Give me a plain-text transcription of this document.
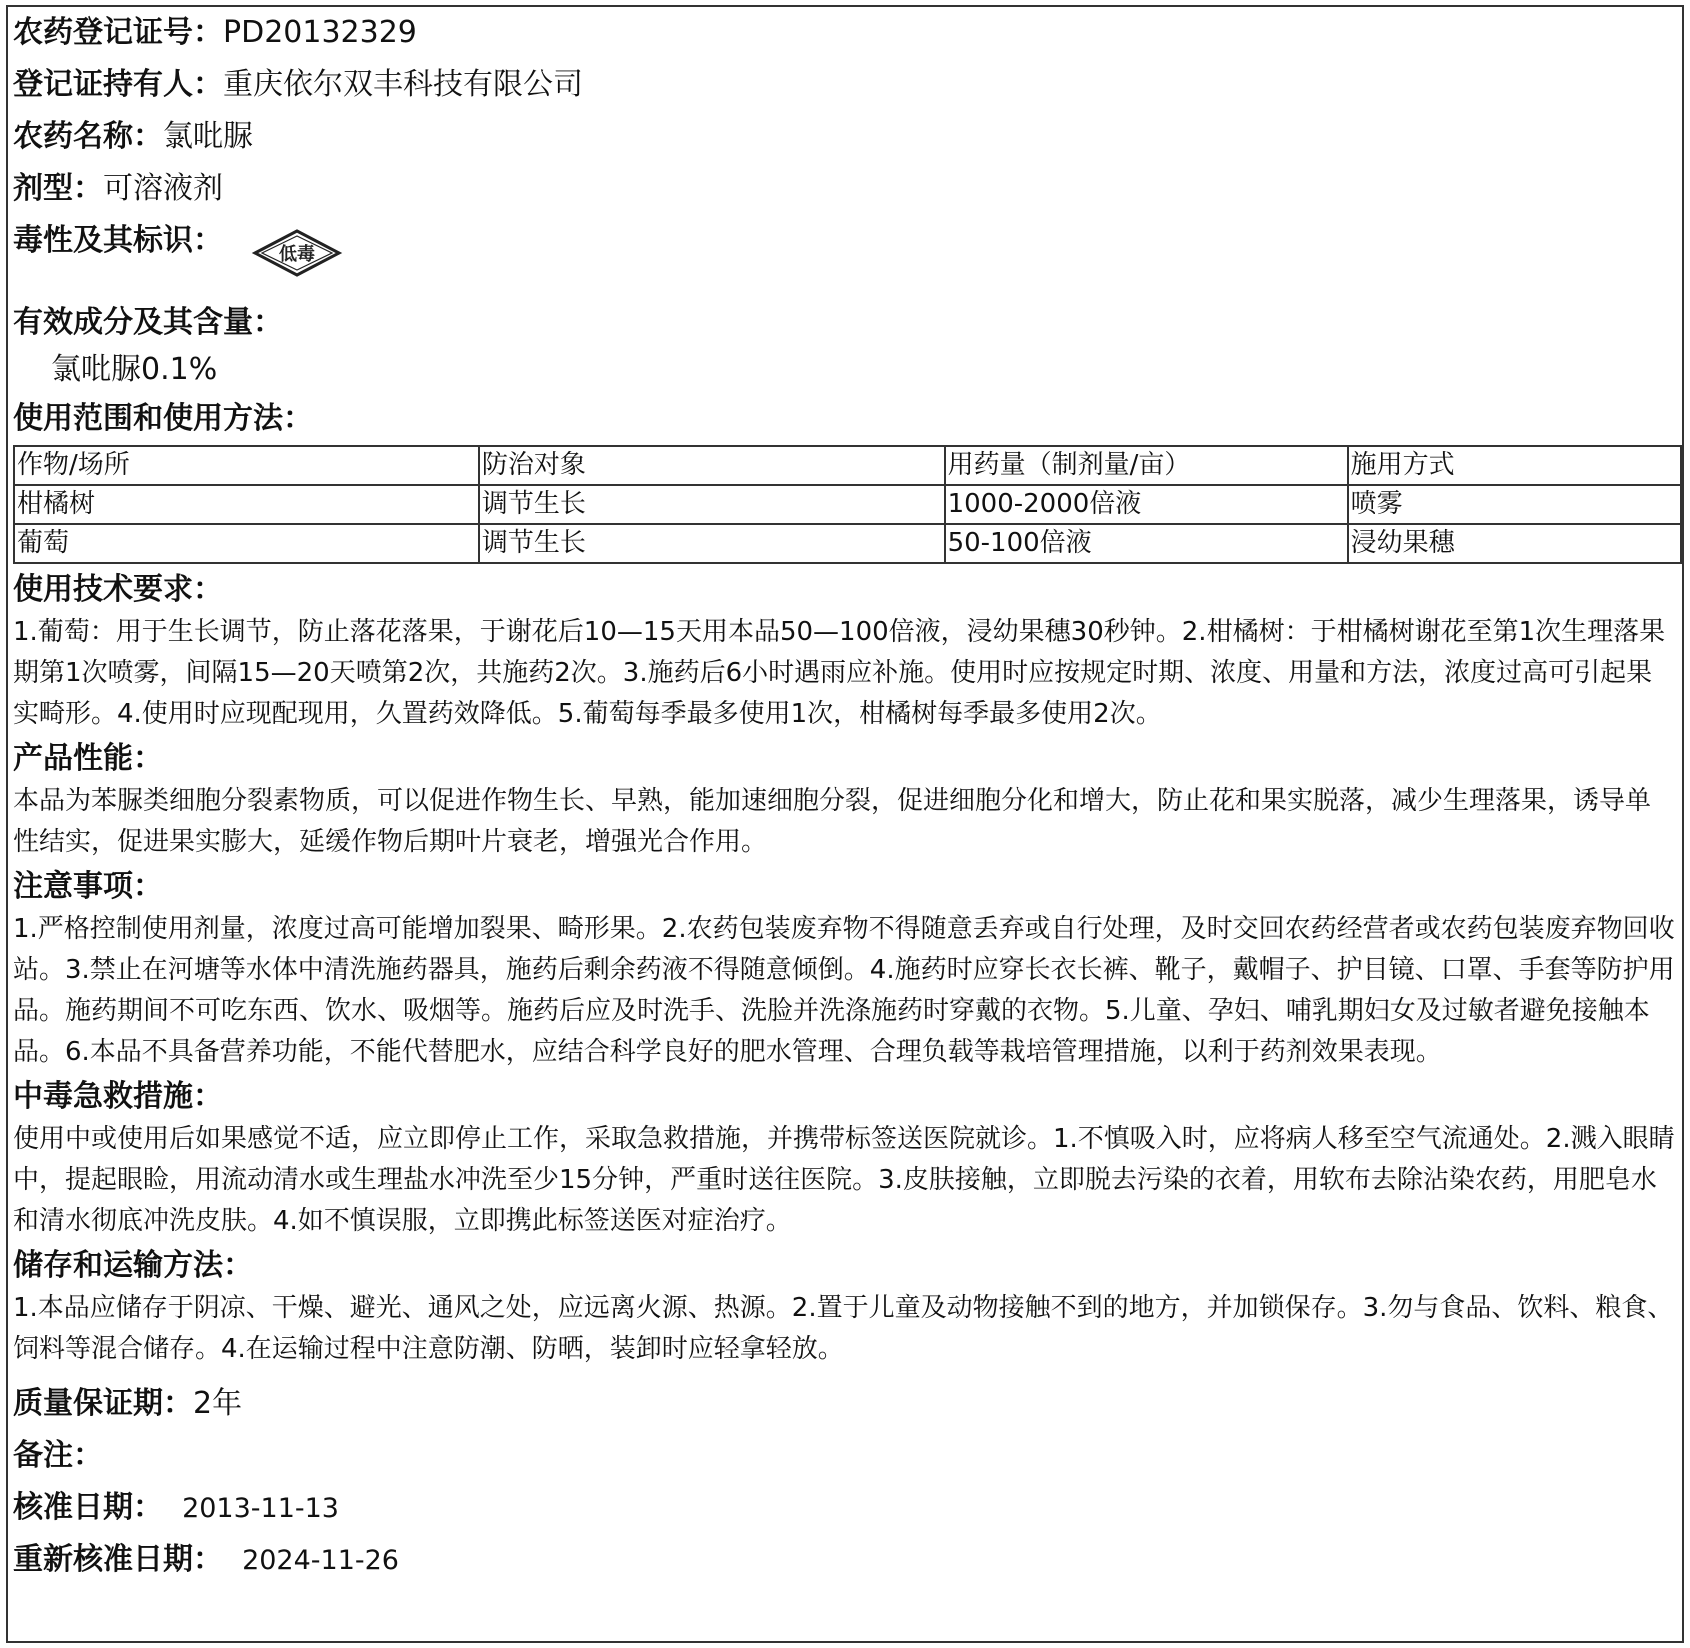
农药登记证号：PD20132329
登记证持有人：重庆依尔双丰科技有限公司
农药名称：氯吡脲
剂型：可溶液剂
毒性及其标识：	低毒
有效成分及其含量：
氯吡脲0.1%
使用范围和使用方法：
作物/场所	防治对象	用药量（制剂量/亩）	施用方式
柑橘树	调节生长	1000-2000倍液	喷雾
葡萄	调节生长	50-100倍液	浸幼果穗
使用技术要求：
1.葡萄：用于生长调节，防止落花落果，于谢花后10—15天用本品50—100倍液，浸幼果穗30秒钟。2.柑橘树：于柑橘树谢花至第1次生理落果期第1次喷雾，间隔15—20天喷第2次，共施药2次。3.施药后6小时遇雨应补施。使用时应按规定时期、浓度、用量和方法，浓度过高可引起果实畸形。4.使用时应现配现用，久置药效降低。5.葡萄每季最多使用1次，柑橘树每季最多使用2次。
产品性能：
本品为苯脲类细胞分裂素物质，可以促进作物生长、早熟，能加速细胞分裂，促进细胞分化和增大，防止花和果实脱落，减少生理落果，诱导单性结实，促进果实膨大，延缓作物后期叶片衰老，增强光合作用。
注意事项：
1.严格控制使用剂量，浓度过高可能增加裂果、畸形果。2.农药包装废弃物不得随意丢弃或自行处理，及时交回农药经营者或农药包装废弃物回收站。3.禁止在河塘等水体中清洗施药器具，施药后剩余药液不得随意倾倒。4.施药时应穿长衣长裤、靴子，戴帽子、护目镜、口罩、手套等防护用品。施药期间不可吃东西、饮水、吸烟等。施药后应及时洗手、洗脸并洗涤施药时穿戴的衣物。5.儿童、孕妇、哺乳期妇女及过敏者避免接触本品。6.本品不具备营养功能，不能代替肥水，应结合科学良好的肥水管理、合理负载等栽培管理措施，以利于药剂效果表现。
中毒急救措施：
使用中或使用后如果感觉不适，应立即停止工作，采取急救措施，并携带标签送医院就诊。1.不慎吸入时，应将病人移至空气流通处。2.溅入眼睛中，提起眼睑，用流动清水或生理盐水冲洗至少15分钟，严重时送往医院。3.皮肤接触，立即脱去污染的衣着，用软布去除沾染农药，用肥皂水和清水彻底冲洗皮肤。4.如不慎误服，立即携此标签送医对症治疗。
储存和运输方法：
1.本品应储存于阴凉、干燥、避光、通风之处，应远离火源、热源。2.置于儿童及动物接触不到的地方，并加锁保存。3.勿与食品、饮料、粮食、饲料等混合储存。4.在运输过程中注意防潮、防晒，装卸时应轻拿轻放。
质量保证期：2年
备注：
核准日期： 2013-11-13
重新核准日期： 2024-11-26
